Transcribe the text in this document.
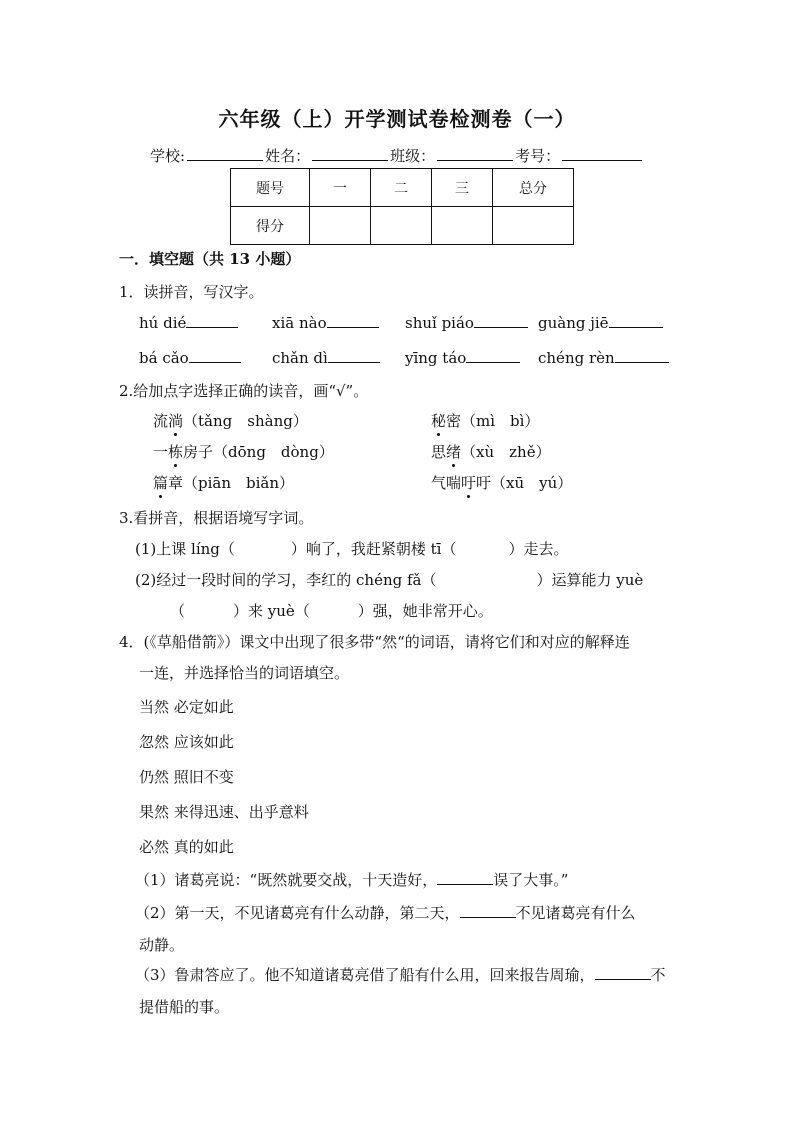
六年级（上）开学测试卷检测卷（一）
学校:	姓名：	班级：	考号：
题号	一	二	三	总分
得分				
一．填空题（共 13 小题）
1．读拼音，写汉字。
hú dié	xiā nào	shuǐ piáo	guàng jiē
bá cǎo	chǎn dì	yīng táo	chéng rèn
2.给加点字选择正确的读音，画“√”。
流淌（tǎng　shàng）	秘密（mì　bì）
一栋房子（dōng　dòng）	思绪（xù　zhě）
篇章（piān　biǎn）	气喘吁吁（xū　yú）
3.看拼音，根据语境写字词。
(1)上课 líng（	）响了，我赶紧朝楼 tī（	）走去。
(2)经过一段时间的学习，李红的 chéng fǎ（	）运算能力 yuè
（	）来 yuè（	）强，她非常开心。
4．(《草船借箭》）课文中出现了很多带“然“的词语，请将它们和对应的解释连
一连，并选择恰当的词语填空。
当然 必定如此
忽然 应该如此
仍然 照旧不变
果然 来得迅速、出乎意料
必然 真的如此
（1）诸葛亮说：“既然就要交战，十天造好，	误了大事。”
（2）第一天，不见诸葛亮有什么动静，第二天，	不见诸葛亮有什么
动静。
（3）鲁肃答应了。他不知道诸葛亮借了船有什么用，回来报告周瑜，	不
提借船的事。
